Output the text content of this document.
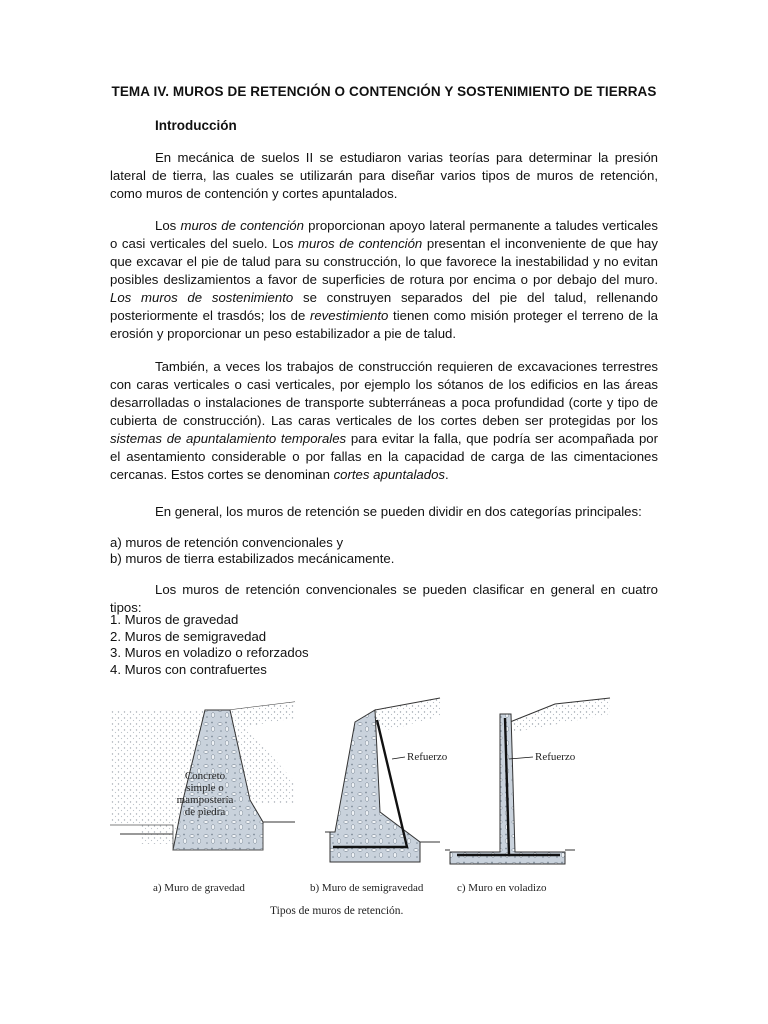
TEMA IV. MUROS DE RETENCIÓN O CONTENCIÓN Y SOSTENIMIENTO DE TIERRAS
Introducción

En mecánica de suelos II se estudiaron varias teorías para determinar la presión lateral de tierra, las cuales se utilizarán para diseñar varios tipos de muros de retención, como muros de contención y cortes apuntalados.

Los muros de contención proporcionan apoyo lateral permanente a taludes verticales o casi verticales del suelo. Los muros de contención presentan el inconveniente de que hay que excavar el pie de talud para su construcción, lo que favorece la inestabilidad y no evitan posibles deslizamientos a favor de superficies de rotura por encima o por debajo del muro. Los muros de sostenimiento se construyen separados del pie del talud, rellenando posteriormente el trasdós; los de revestimiento tienen como misión proteger el terreno de la erosión y proporcionar un peso estabilizador a pie de talud.

También, a veces los trabajos de construcción requieren de excavaciones terrestres con caras verticales o casi verticales, por ejemplo los sótanos de los edificios en las áreas desarrolladas o instalaciones de transporte subterráneas a poca profundidad (corte y tipo de cubierta de construcción). Las caras verticales de los cortes deben ser protegidas por los sistemas de apuntalamiento temporales para evitar la falla, que podría ser acompañada por el asentamiento considerable o por fallas en la capacidad de carga de las cimentaciones cercanas. Estos cortes se denominan cortes apuntalados.

En general, los muros de retención se pueden dividir en dos categorías principales:

a) muros de retención convencionales y

b) muros de tierra estabilizados mecánicamente.

Los muros de retención convencionales se pueden clasificar en general en cuatro tipos:

1. Muros de gravedad
2. Muros de semigravedad
3. Muros en voladizo o reforzados
4. Muros con contrafuertes
Concreto
simple o
mampostería
de piedra
Refuerzo	Refuerzo
a) Muro de gravedad	b) Muro de semigravedad	c) Muro en voladizo
Tipos de muros de retención.
